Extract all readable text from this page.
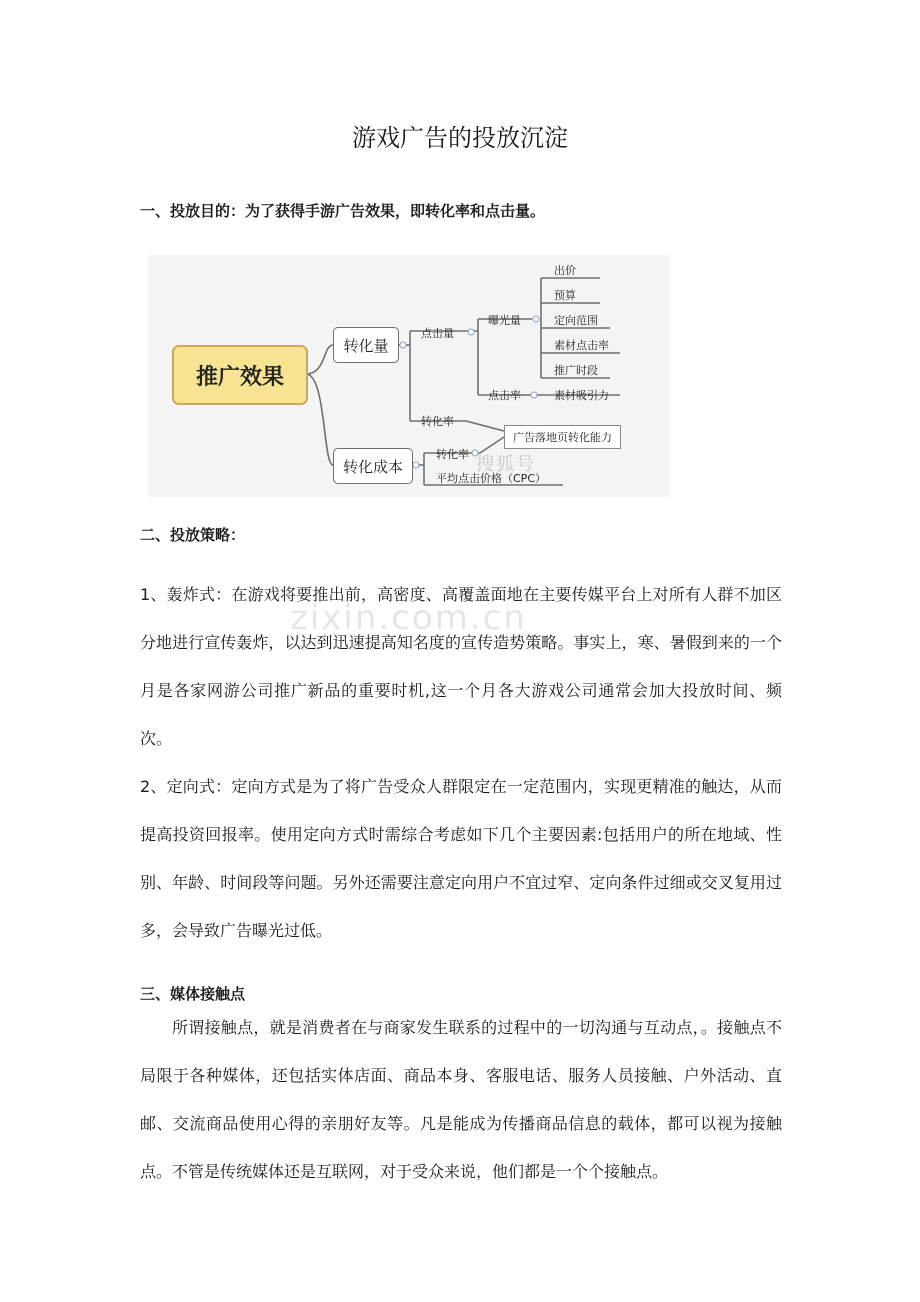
游戏广告的投放沉淀
一、投放目的：为了获得手游广告效果，即转化率和点击量。
推广效果
转化量
转化成本
点击量
曝光量
出价
预算
定向范围
素材点击率
推广时段
点击率	素材吸引力
转化率
广告落地页转化能力
转化率
平均点击价格（CPC）
搜狐号
二、投放策略：
1、轰炸式：在游戏将要推出前，高密度、高覆盖面地在主要传媒平台上对所有人群不加区分地进行宣传轰炸，以达到迅速提高知名度的宣传造势策略。事实上，寒、暑假到来的一个月是各家网游公司推广新品的重要时机,这一个月各大游戏公司通常会加大投放时间、频次。
2、定向式：定向方式是为了将广告受众人群限定在一定范围内，实现更精准的触达，从而提高投资回报率。使用定向方式时需综合考虑如下几个主要因素:包括用户的所在地域、性别、年龄、时间段等问题。另外还需要注意定向用户不宜过窄、定向条件过细或交叉复用过多，会导致广告曝光过低。
三、媒体接触点
所谓接触点，就是消费者在与商家发生联系的过程中的一切沟通与互动点，。接触点不局限于各种媒体，还包括实体店面、商品本身、客服电话、服务人员接触、户外活动、直邮、交流商品使用心得的亲朋好友等。凡是能成为传播商品信息的载体，都可以视为接触点。不管是传统媒体还是互联网，对于受众来说，他们都是一个个接触点。
zixin.com.cn
